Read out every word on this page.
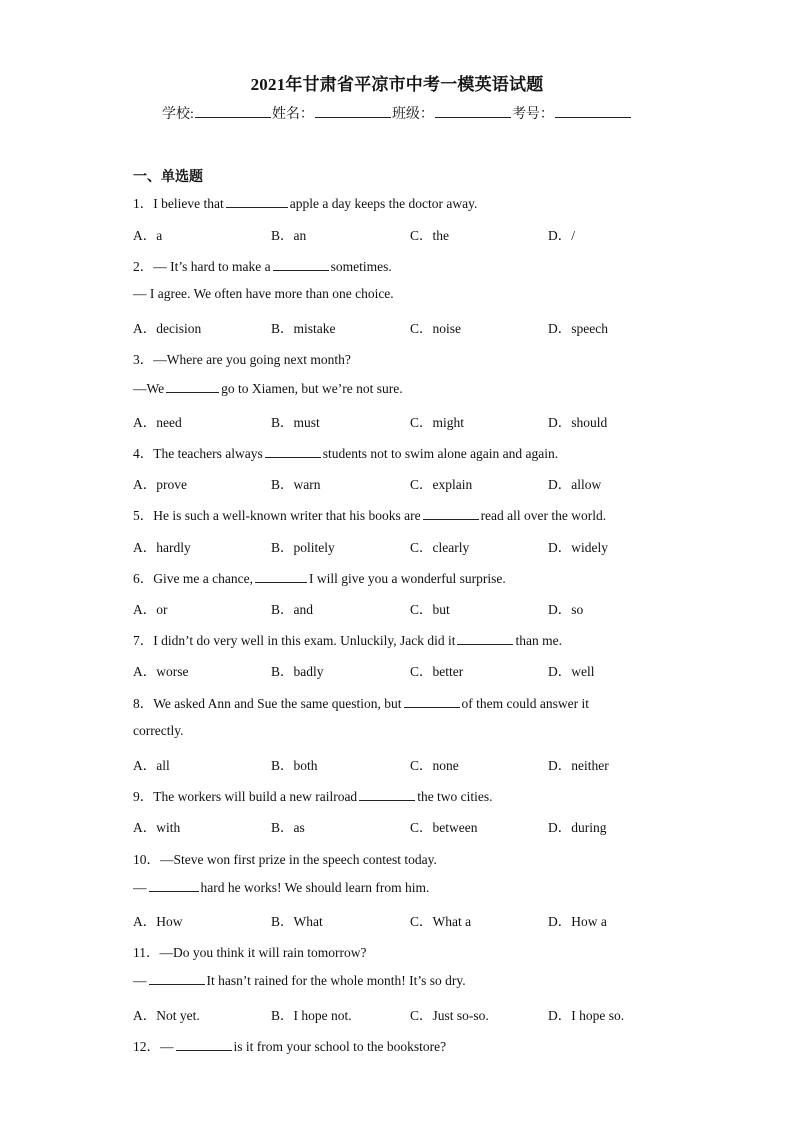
2021年甘肃省平凉市中考一模英语试题
学校:	姓名：	班级：	考号：
一、单选题
1．I believe that	apple a day keeps the doctor away.
A．a	B．an	C．the	D．/
2．— It’s hard to make a	sometimes.
— I agree. We often have more than one choice.
A．decision	B．mistake	C．noise	D．speech
3．—Where are you going next month?
—We	go to Xiamen, but we’re not sure.
A．need	B．must	C．might	D．should
4．The teachers always	students not to swim alone again and again.
A．prove	B．warn	C．explain	D．allow
5．He is such a well-known writer that his books are	read all over the world.
A．hardly	B．politely	C．clearly	D．widely
6．Give me a chance,	I will give you a wonderful surprise.
A．or	B．and	C．but	D．so
7．I didn’t do very well in this exam. Unluckily, Jack did it	than me.
A．worse	B．badly	C．better	D．well
8．We asked Ann and Sue the same question, but	of them could answer it
correctly.
A．all	B．both	C．none	D．neither
9．The workers will build a new railroad	the two cities.
A．with	B．as	C．between	D．during
10．—Steve won first prize in the speech contest today.
—	hard he works! We should learn from him.
A．How	B．What	C．What a	D．How a
11．—Do you think it will rain tomorrow?
—	It hasn’t rained for the whole month! It’s so dry.
A．Not yet.	B．I hope not.	C．Just so-so.	D．I hope so.
12．—	is it from your school to the bookstore?
